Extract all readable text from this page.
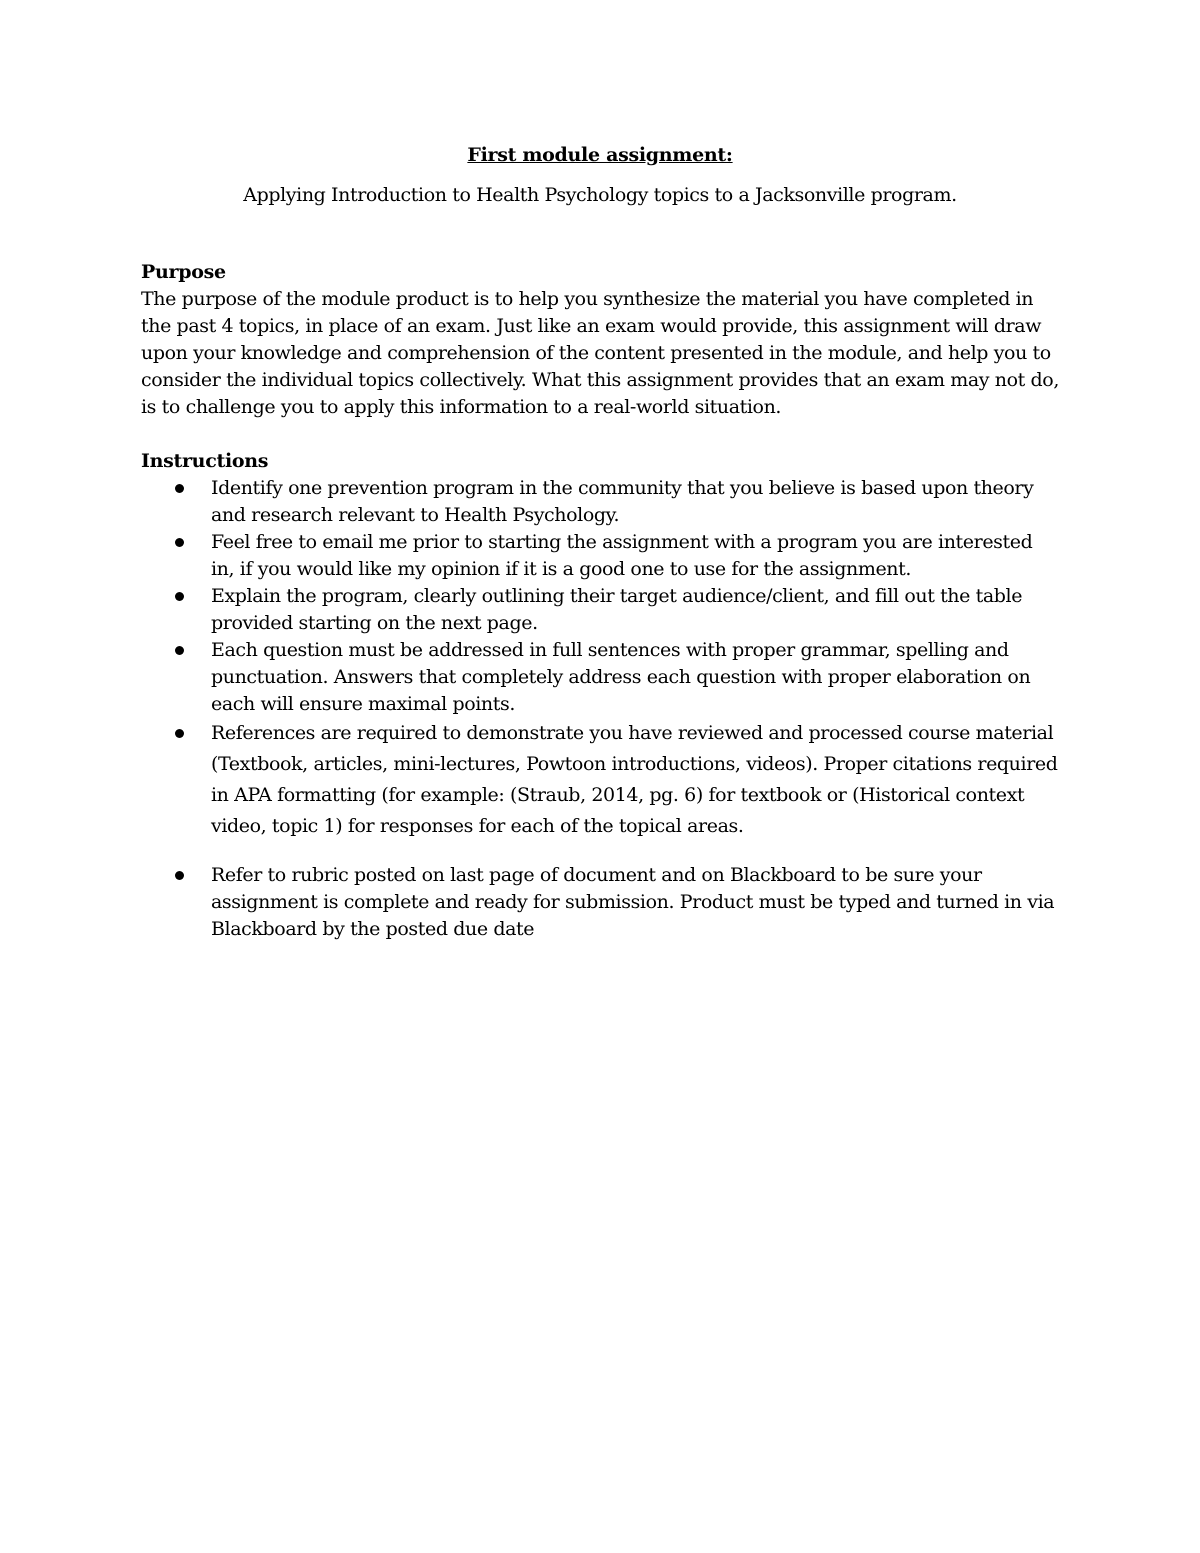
First module assignment:
Applying Introduction to Health Psychology topics to a Jacksonville program.
Purpose

The purpose of the module product is to help you synthesize the material you have completed in the past 4 topics, in place of an exam. Just like an exam would provide, this assignment will draw upon your knowledge and comprehension of the content presented in the module, and help you to consider the individual topics collectively. What this assignment provides that an exam may not do, is to challenge you to apply this information to a real-world situation.

Instructions
Identify one prevention program in the community that you believe is based upon theory and research relevant to Health Psychology.
Feel free to email me prior to starting the assignment with a program you are interested in, if you would like my opinion if it is a good one to use for the assignment.
Explain the program, clearly outlining their target audience/client, and fill out the table provided starting on the next page.
Each question must be addressed in full sentences with proper grammar, spelling and punctuation. Answers that completely address each question with proper elaboration on each will ensure maximal points.
References are required to demonstrate you have reviewed and processed course material (Textbook, articles, mini-lectures, Powtoon introductions, videos). Proper citations required in APA formatting (for example: (Straub, 2014, pg. 6) for textbook or (Historical context video, topic 1) for responses for each of the topical areas.
Refer to rubric posted on last page of document and on Blackboard to be sure your assignment is complete and ready for submission. Product must be typed and turned in via Blackboard by the posted due date
